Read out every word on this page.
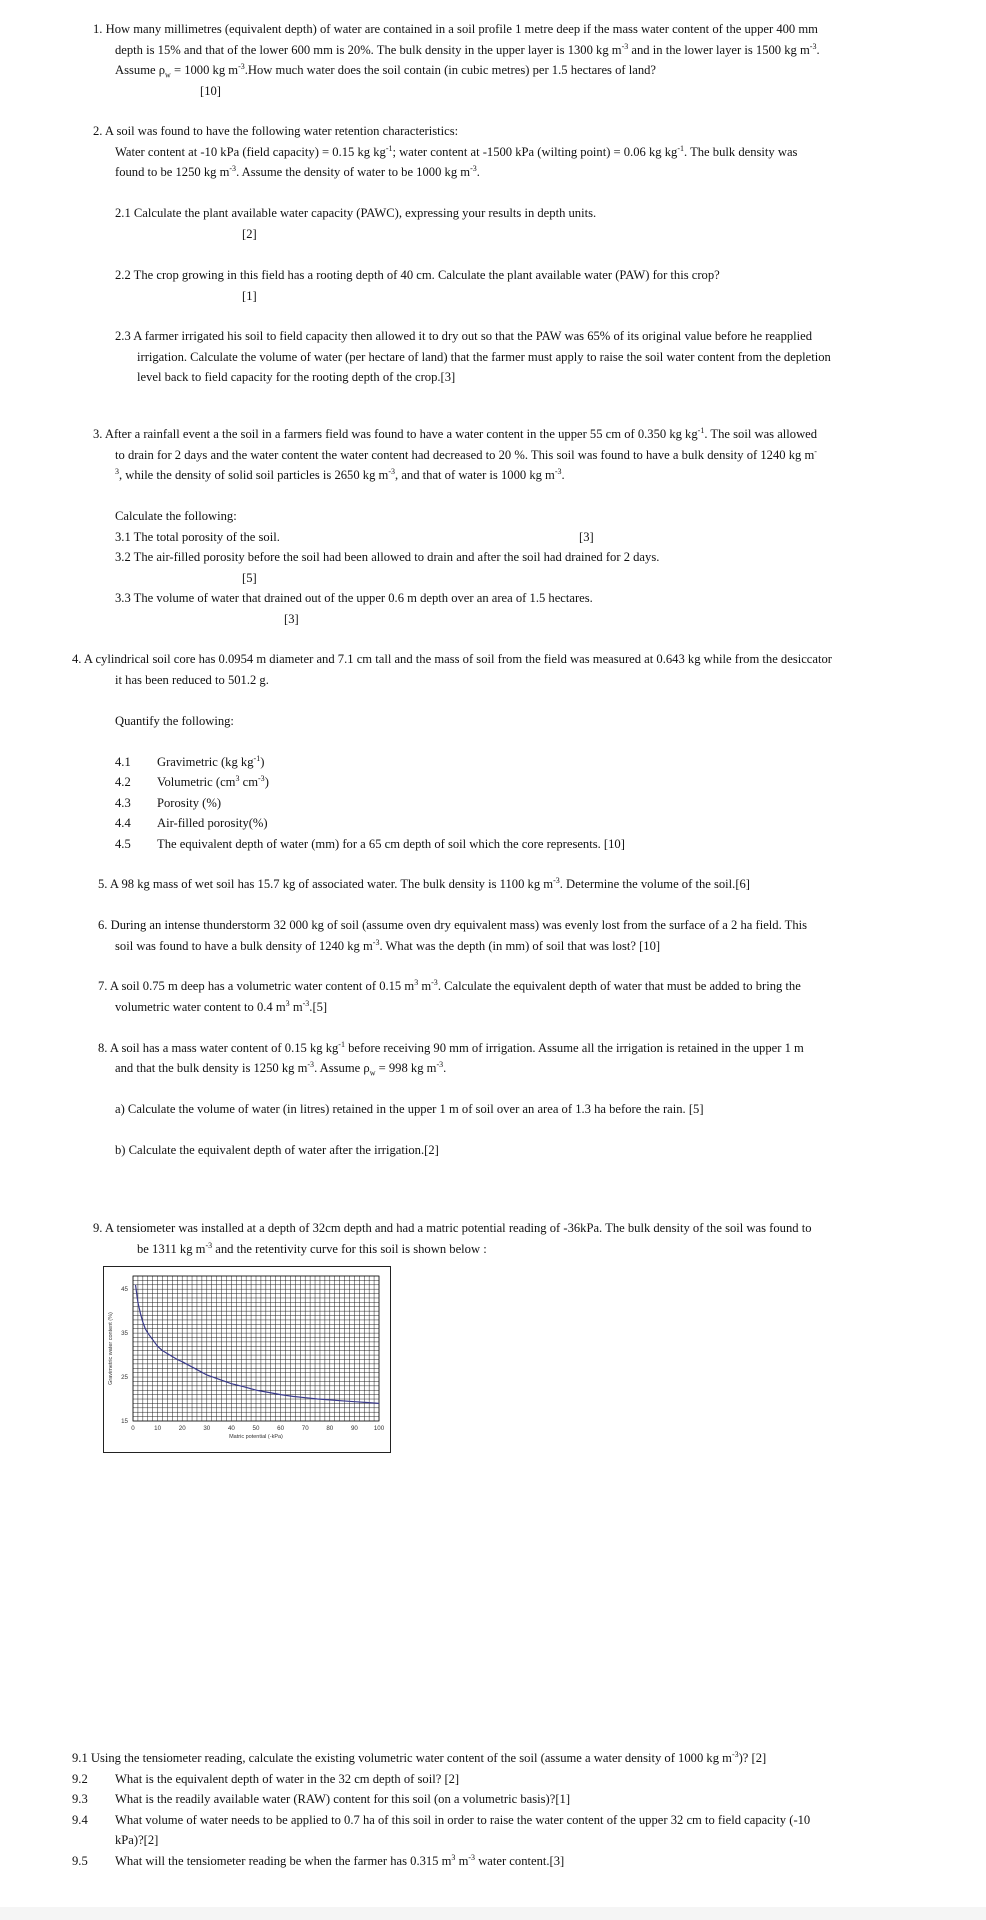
1. How many millimetres (equivalent depth) of water are contained in a soil profile 1 metre deep if the mass water content of the upper 400 mm
depth is 15% and that of the lower 600 mm is 20%. The bulk density in the upper layer is 1300 kg $m^{-3}$ and in the lower layer is 1500 kg $m^{-3}$.
Assume $\rho_w = 1000$ kg $m^{-3}.How$ much water does the soil contain (in cubic metres) per 1.5 hectares of land?
[10]
2. A soil was found to have the following water retention characteristics:
Water content at -10 kPa (field capacity) = 0.15 kg $kg^{-1}$; water content at -1500 kPa (wilting point) = 0.06 kg $kg^{-1}$. The bulk density was
found to be 1250 kg $m^{-3}$. Assume the density of water to be 1000 kg $m^{-3}$.
2.1 Calculate the plant available water capacity (PAWC), expressing your results in depth units.
[2]
2.2 The crop growing in this field has a rooting depth of 40 cm. Calculate the plant available water (PAW) for this crop?
[1]
2.3 A farmer irrigated his soil to field capacity then allowed it to dry out so that the PAW was 65% of its original value before he reapplied
irrigation. Calculate the volume of water (per hectare of land) that the farmer must apply to raise the soil water content from the depletion
level back to field capacity for the rooting depth of the crop.[3]
3. After a rainfall event a the soil in a farmers field was found to have a water content in the upper 55 cm of 0.350 kg $kg^{-1}$. The soil was allowed
to drain for 2 days and the water content the water content had decreased to 20 %. This soil was found to have a bulk density of 1240 kg m-
$^3$, while the density of solid soil particles is 2650 kg $m^{-3}$, and that of water is 1000 kg $m^{-3}$.
Calculate the following:
3.1 The total porosity of the soil.	[3]
3.2 The air-filled porosity before the soil had been allowed to drain and after the soil had drained for 2 days.
[5]
3.3 The volume of water that drained out of the upper 0.6 m depth over an area of 1.5 hectares.
[3]
4. A cylindrical soil core has 0.0954 m diameter and 7.1 cm tall and the mass of soil from the field was measured at 0.643 kg while from the desiccator
it has been reduced to 501.2 g.
Quantify the following:
4.1 Gravimetric (kg $kg^{-1}$)
4.2 Volumetric ($cm^3$ $cm^{-3}$)
4.3 Porosity (%)
4.4 Air-filled porosity(%)
4.5 The equivalent depth of water (mm) for a 65 cm depth of soil which the core represents. [10]
5. A 98 kg mass of wet soil has 15.7 kg of associated water. The bulk density is 1100 kg $m^{-3}$. Determine the volume of the soil.[6]
6. During an intense thunderstorm 32 000 kg of soil (assume oven dry equivalent mass) was evenly lost from the surface of a 2 ha field. This
soil was found to have a bulk density of 1240 kg $m^{-3}$. What was the depth (in mm) of soil that was lost? [10]
7. A soil 0.75 m deep has a volumetric water content of 0.15 $m^3$ $m^{-3}$. Calculate the equivalent depth of water that must be added to bring the
volumetric water content to 0.4 $m^3$ $m^{-3}.[5]$
8. A soil has a mass water content of 0.15 kg $kg^{-1}$ before receiving 90 mm of irrigation. Assume all the irrigation is retained in the upper 1 m
and that the bulk density is 1250 kg $m^{-3}$. Assume $\rho_w = 998$ kg $m^{-3}$.
a) Calculate the volume of water (in litres) retained in the upper 1 m of soil over an area of 1.3 ha before the rain. [5]
b) Calculate the equivalent depth of water after the irrigation.[2]
9. A tensiometer was installed at a depth of 32cm depth and had a matric potential reading of -36kPa. The bulk density of the soil was found to
be 1311 kg $m^{-3}$ and the retentivity curve for this soil is shown below :
0	10	20	30	40	50	60	70	80	90	100
15
25
35
45
Matric potential (-kPa)
Gravimetric water content (%)
9.1 Using the tensiometer reading, calculate the existing volumetric water content of the soil (assume a water density of 1000 kg $m^{-3}$)? [2]
9.2 What is the equivalent depth of water in the 32 cm depth of soil? [2]
9.3 What is the readily available water (RAW) content for this soil (on a volumetric basis)?[1]
9.4 What volume of water needs to be applied to 0.7 ha of this soil in order to raise the water content of the upper 32 cm to field capacity (-10
kPa)?[2]
9.5 What will the tensiometer reading be when the farmer has 0.315 $m^3$ $m^{-3}$ water content.[3]
